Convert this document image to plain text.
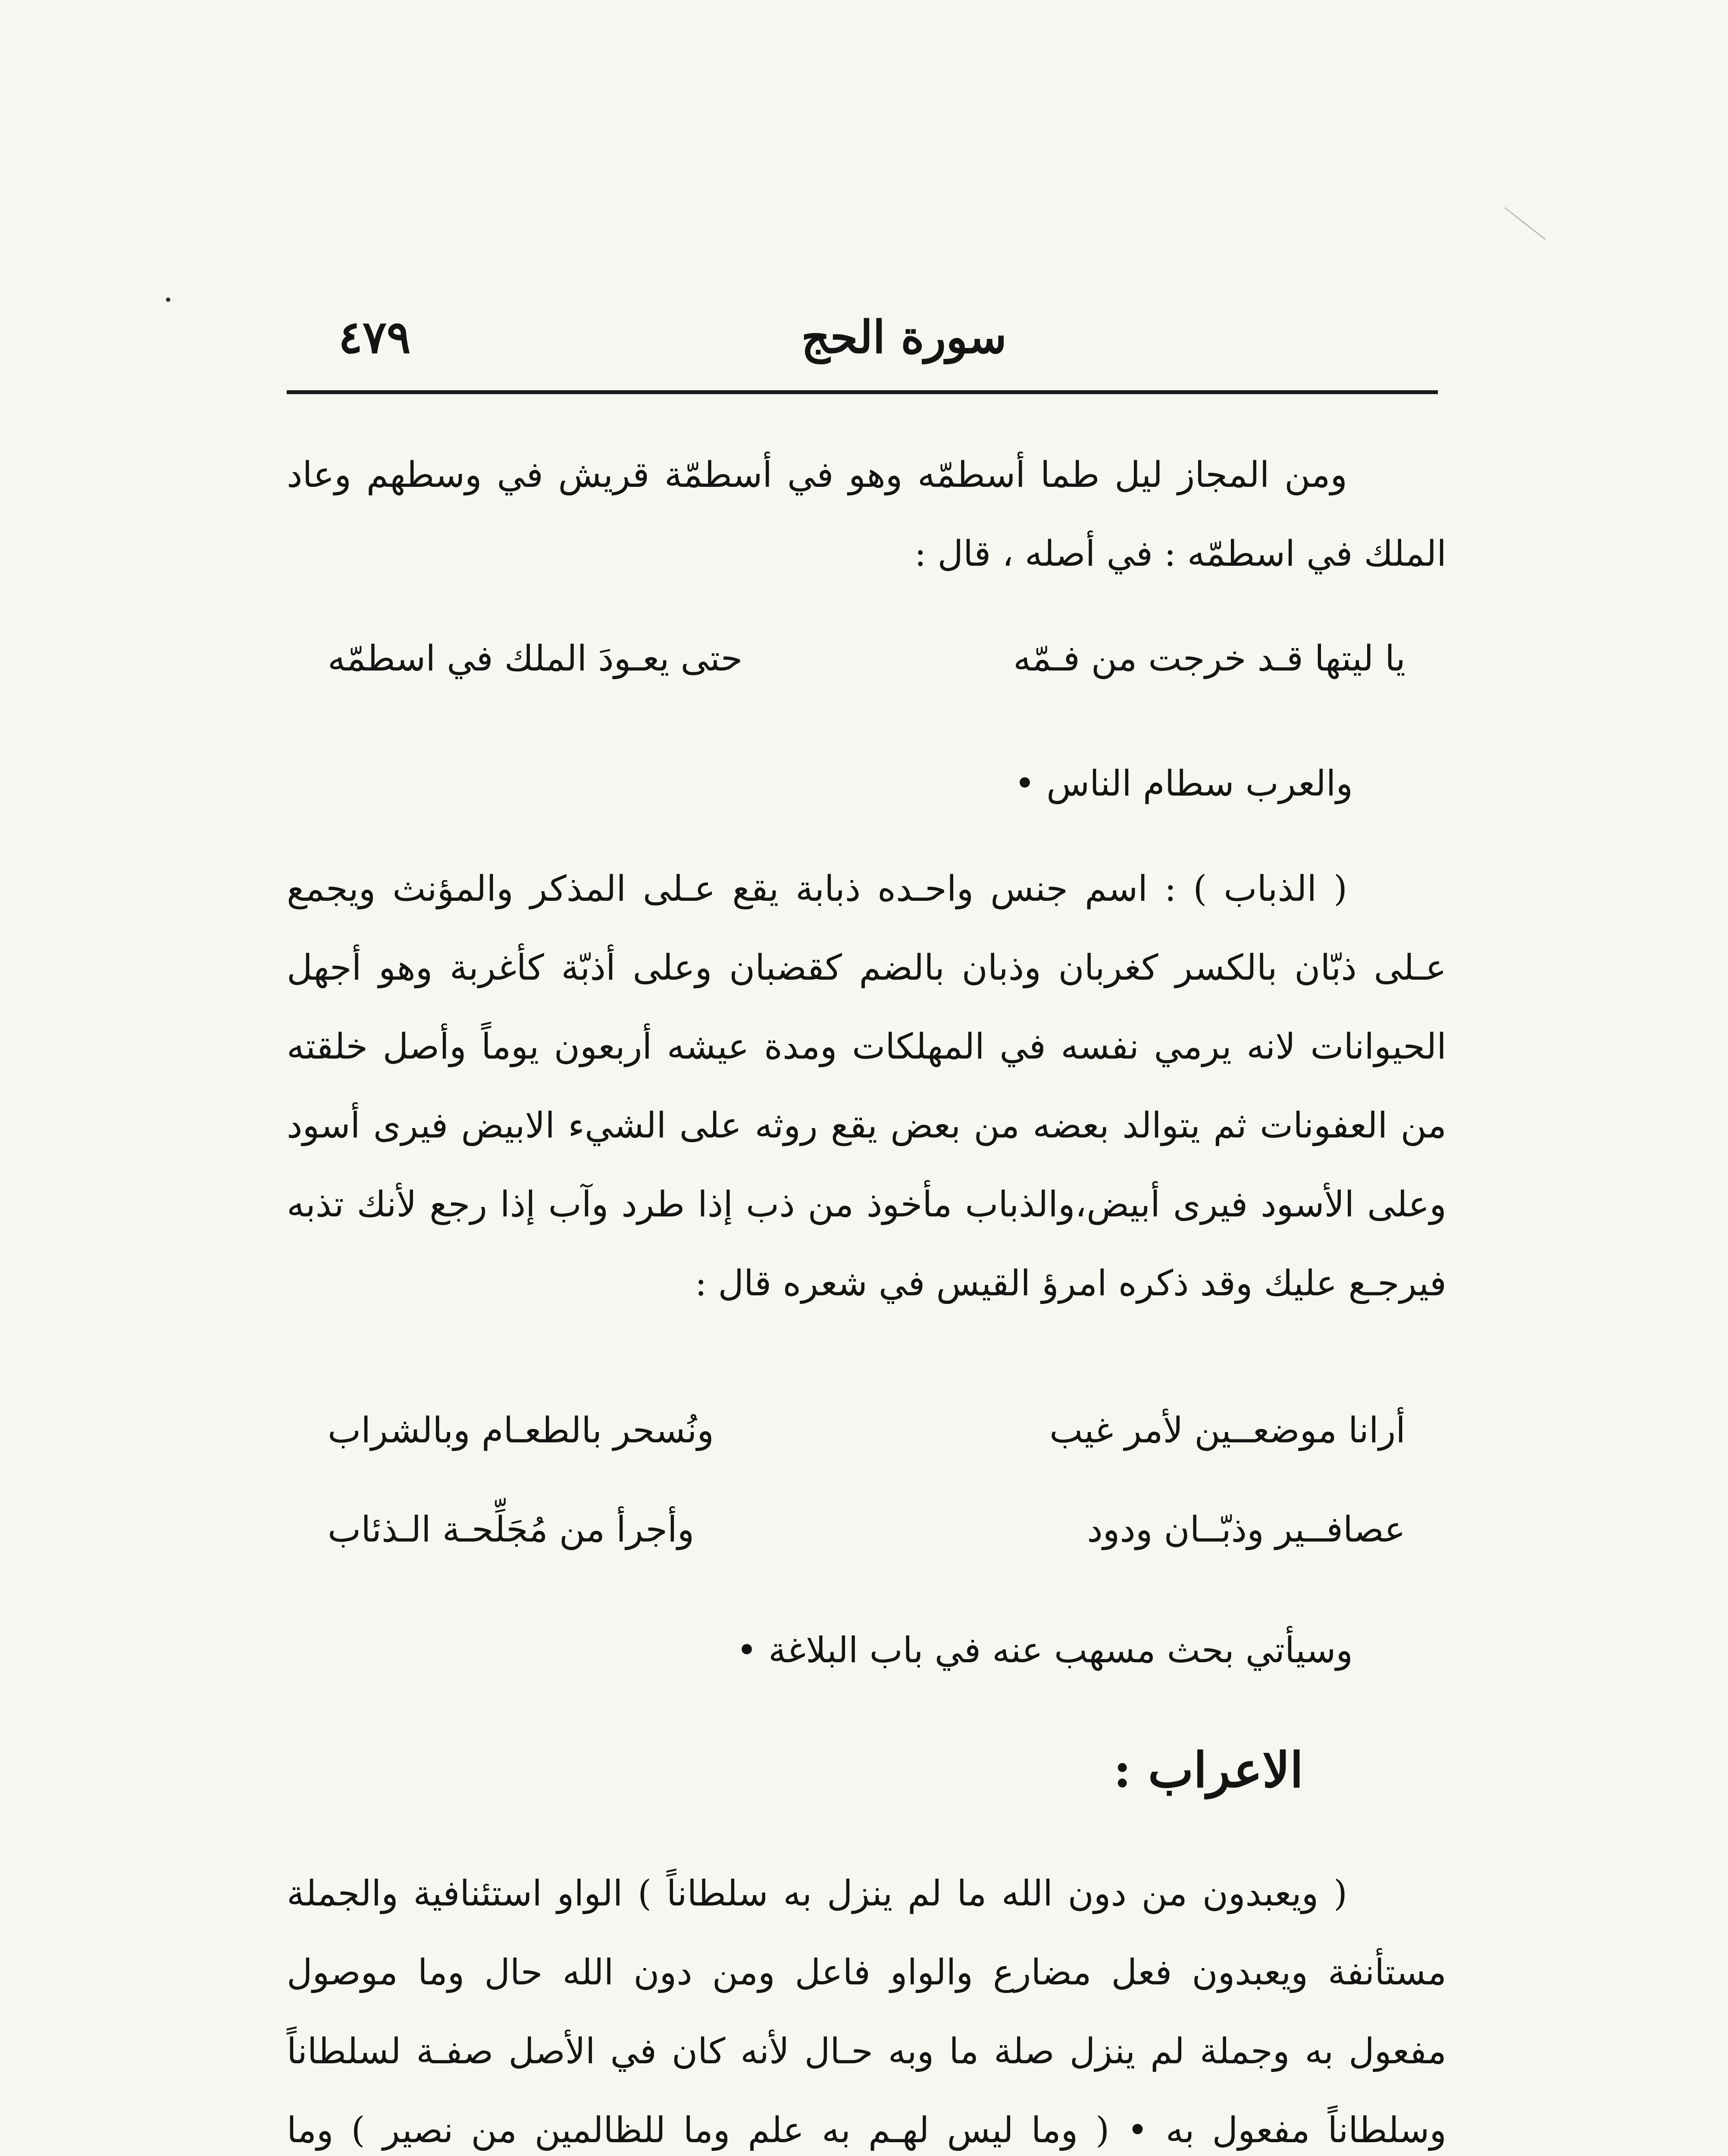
سورة الحج
٤٧٩

ومن المجاز ليل طما أسطمّه وهو في أسطمّة قريش في وسطهم وعاد الملك في اسطمّه : في أصله ، قال :

يا ليتها قـد خرجت من فـمّه
حتى يعـودَ الملك في اسطمّه
والعرب سطام الناس •

( الذباب ) : اسم جنس واحـده ذبابة يقع عـلى المذكر والمؤنث ويجمع عـلى ذبّان بالكسر كغربان وذبان بالضم كقضبان وعلى أذبّة كأغربة وهو أجهل الحيوانات لانه يرمي نفسه في المهلكات ومدة عيشه أربعون يوماً وأصل خلقته من العفونات ثم يتوالد بعضه من بعض يقع روثه على الشيء الابيض فيرى أسود وعلى الأسود فيرى أبيض،والذباب مأخوذ من ذب إذا طرد وآب إذا رجع لأنك تذبه فيرجـع عليك وقد ذكره امرؤ القيس في شعره قال :

أرانا موضعــين لأمر غيب
ونُسحر بالطعـام وبالشراب
عصافــير وذبّــان ودود
وأجرأ من مُجَلِّحـة الـذئاب
وسيأتي بحث مسهب عنه في باب البلاغة •
الاعراب :

( ويعبدون من دون الله ما لم ينزل به سلطاناً ) الواو استئنافية والجملة مستأنفة ويعبدون فعل مضارع والواو فاعل ومن دون الله حال وما موصول مفعول به وجملة لم ينزل صلة ما وبه حـال لأنه كان في الأصل صفـة لسلطاناً وسلطاناً مفعول به • ( وما ليس لهـم به علم وما للظالمين من نصير ) وما
